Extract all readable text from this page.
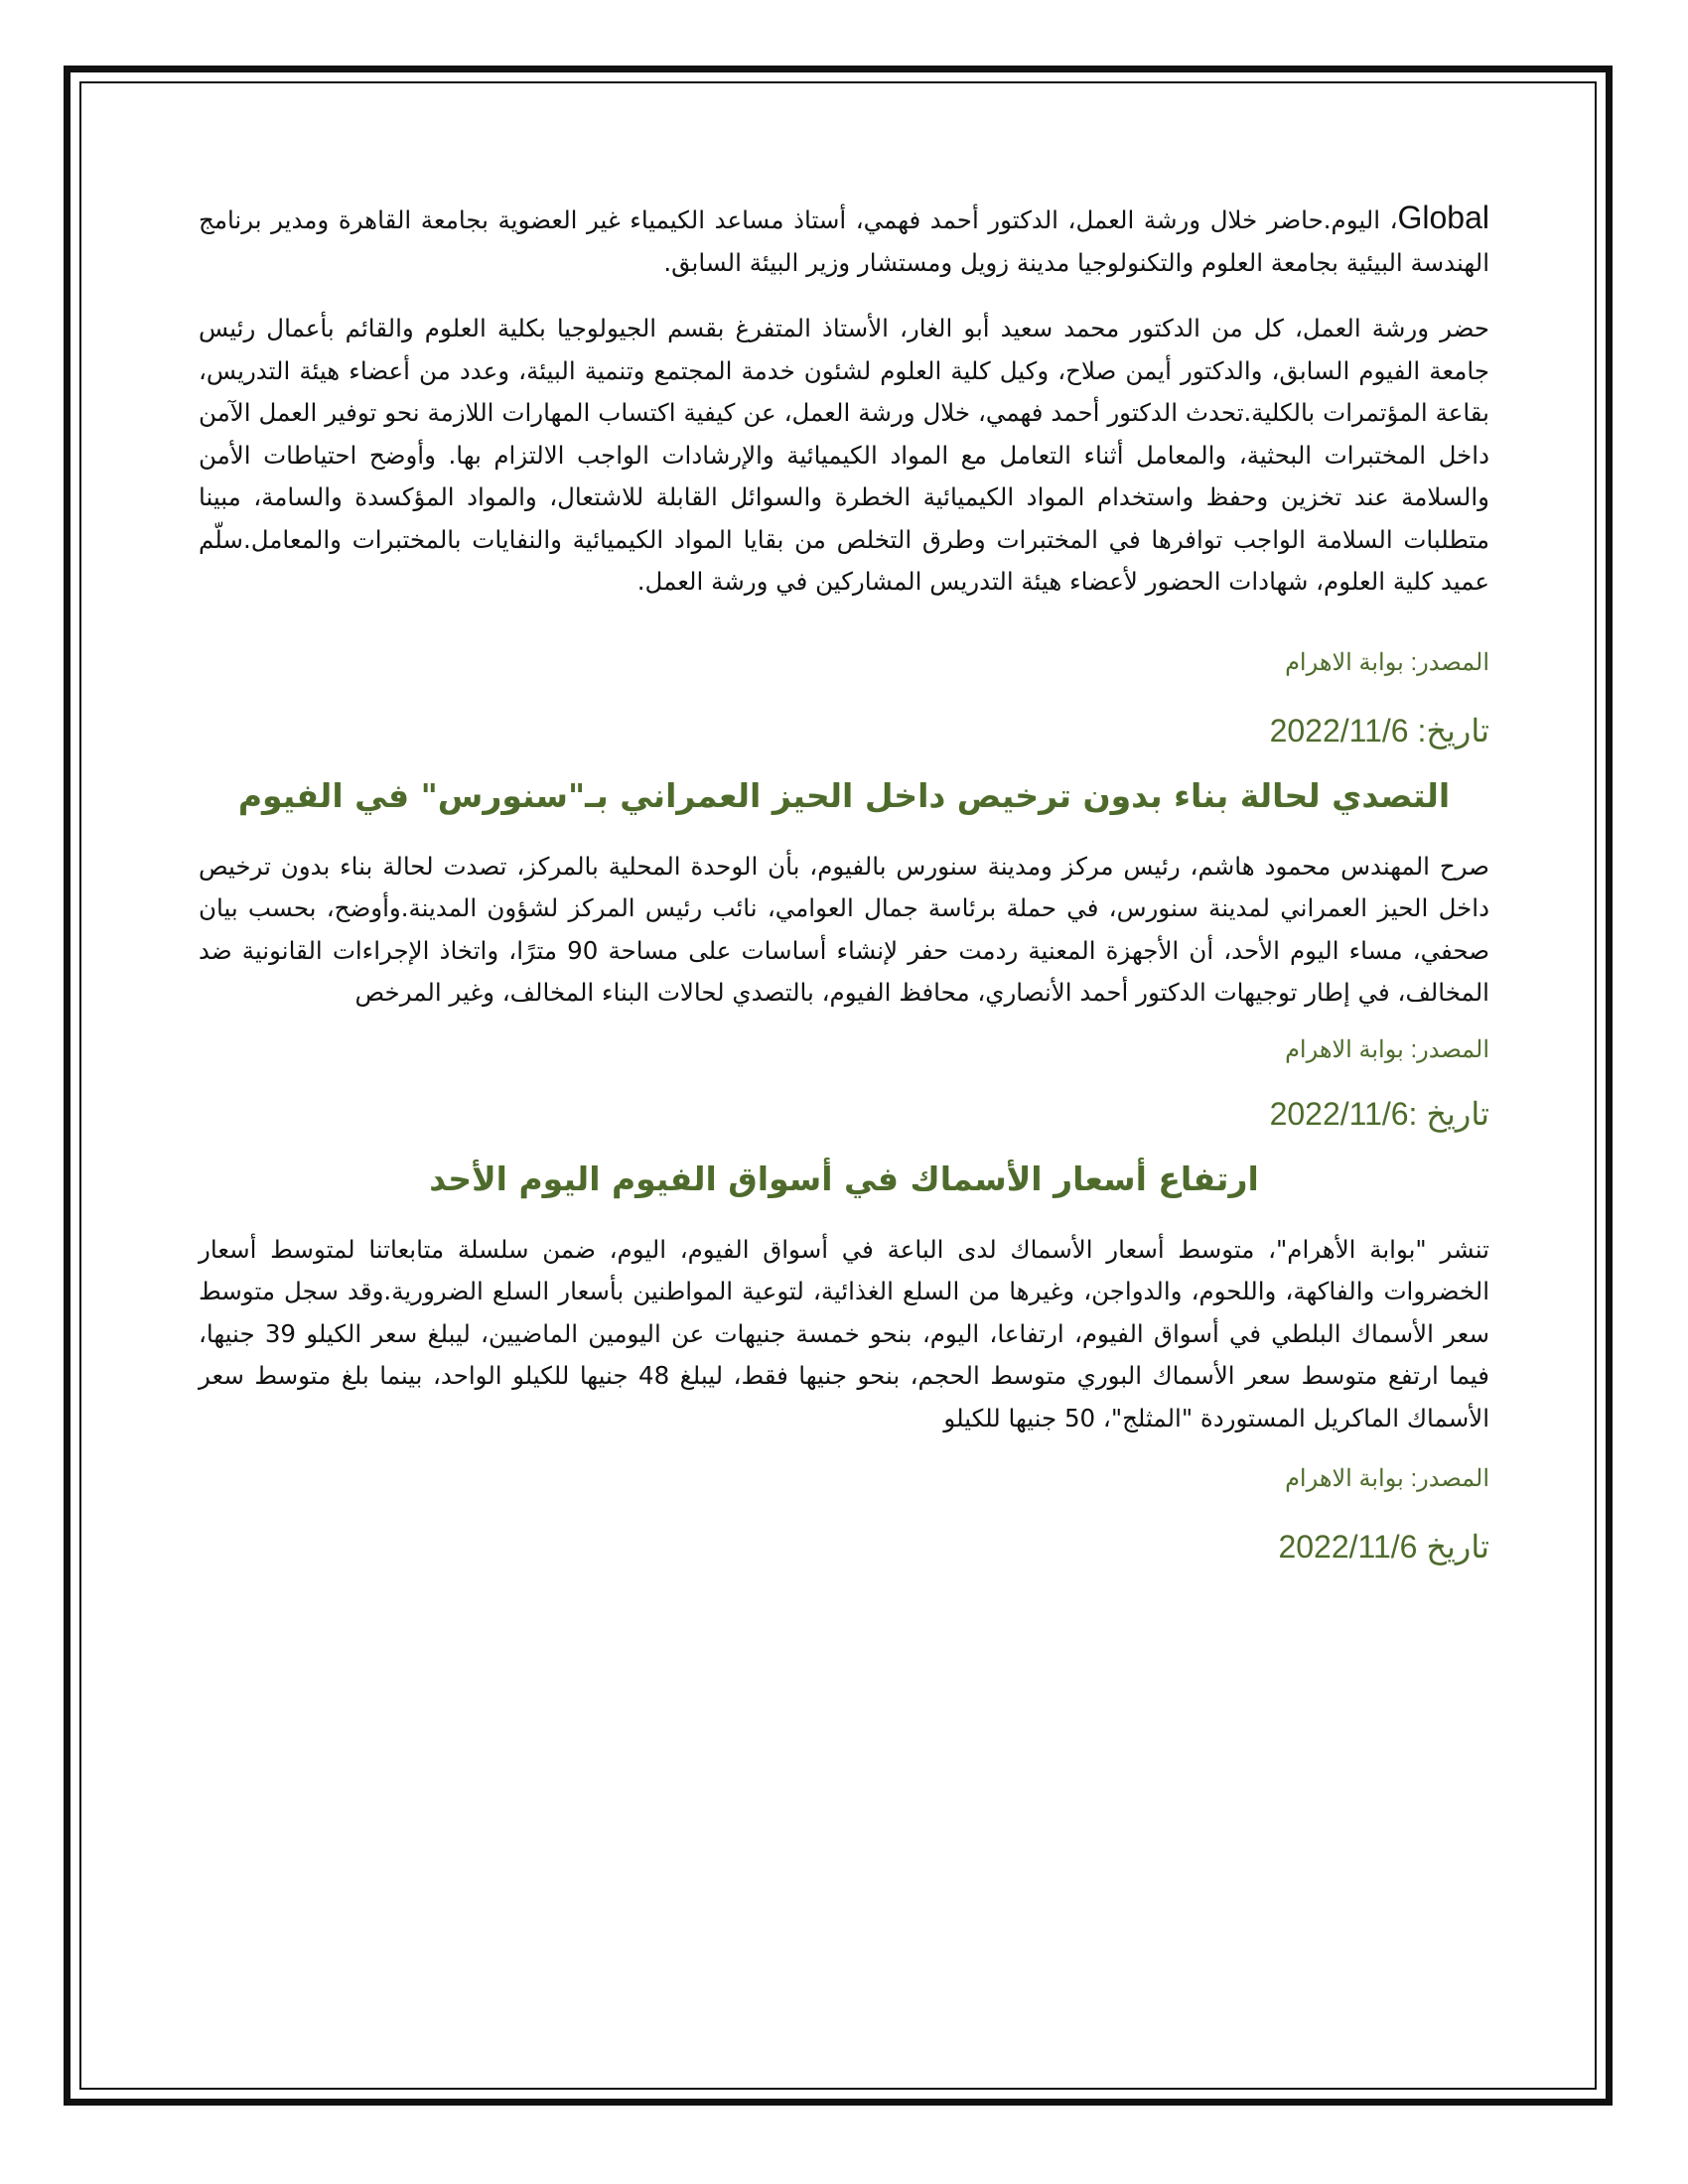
Global، اليوم.حاضر خلال ورشة العمل، الدكتور أحمد فهمي، أستاذ مساعد الكيمياء غير العضوية بجامعة القاهرة ومدير برنامج الهندسة البيئية بجامعة العلوم والتكنولوجيا مدينة زويل ومستشار وزير البيئة السابق.

حضر ورشة العمل، كل من الدكتور محمد سعيد أبو الغار، الأستاذ المتفرغ بقسم الجيولوجيا بكلية العلوم والقائم بأعمال رئيس جامعة الفيوم السابق، والدكتور أيمن صلاح، وكيل كلية العلوم لشئون خدمة المجتمع وتنمية البيئة، وعدد من أعضاء هيئة التدريس، بقاعة المؤتمرات بالكلية.تحدث الدكتور أحمد فهمي، خلال ورشة العمل، عن كيفية اكتساب المهارات اللازمة نحو توفير العمل الآمن داخل المختبرات البحثية، والمعامل أثناء التعامل مع المواد الكيميائية والإرشادات الواجب الالتزام بها. وأوضح احتياطات الأمن والسلامة عند تخزين وحفظ واستخدام المواد الكيميائية الخطرة والسوائل القابلة للاشتعال، والمواد المؤكسدة والسامة، مبينا متطلبات السلامة الواجب توافرها في المختبرات وطرق التخلص من بقايا المواد الكيميائية والنفايات بالمختبرات والمعامل.سلّم عميد كلية العلوم، شهادات الحضور لأعضاء هيئة التدريس المشاركين في ورشة العمل.

المصدر: بوابة الاهرام

تاريخ: 2022/11/6

التصدي لحالة بناء بدون ترخيص داخل الحيز العمراني بـ"سنورس" في الفيوم

صرح المهندس محمود هاشم، رئيس مركز ومدينة سنورس بالفيوم، بأن الوحدة المحلية بالمركز، تصدت لحالة بناء بدون ترخيص داخل الحيز العمراني لمدينة سنورس، في حملة برئاسة جمال العوامي، نائب رئيس المركز لشؤون المدينة.وأوضح، بحسب بيان صحفي، مساء اليوم الأحد، أن الأجهزة المعنية ردمت حفر لإنشاء أساسات على مساحة 90 مترًا، واتخاذ الإجراءات القانونية ضد المخالف، في إطار توجيهات الدكتور أحمد الأنصاري، محافظ الفيوم، بالتصدي لحالات البناء المخالف، وغير المرخص

المصدر: بوابة الاهرام

تاريخ :2022/11/6

ارتفاع أسعار الأسماك في أسواق الفيوم اليوم الأحد

تنشر "بوابة الأهرام"، متوسط أسعار الأسماك لدى الباعة في أسواق الفيوم، اليوم، ضمن سلسلة متابعاتنا لمتوسط أسعار الخضروات والفاكهة، واللحوم، والدواجن، وغيرها من السلع الغذائية، لتوعية المواطنين بأسعار السلع الضرورية.وقد سجل متوسط سعر الأسماك البلطي في أسواق الفيوم، ارتفاعا، اليوم، بنحو خمسة جنيهات عن اليومين الماضيين، ليبلغ سعر الكيلو 39 جنيها، فيما ارتفع متوسط سعر الأسماك البوري متوسط الحجم، بنحو جنيها فقط، ليبلغ 48 جنيها للكيلو الواحد، بينما بلغ متوسط سعر الأسماك الماكريل المستوردة "المثلج"، 50 جنيها للكيلو

المصدر: بوابة الاهرام

تاريخ 2022/11/6
